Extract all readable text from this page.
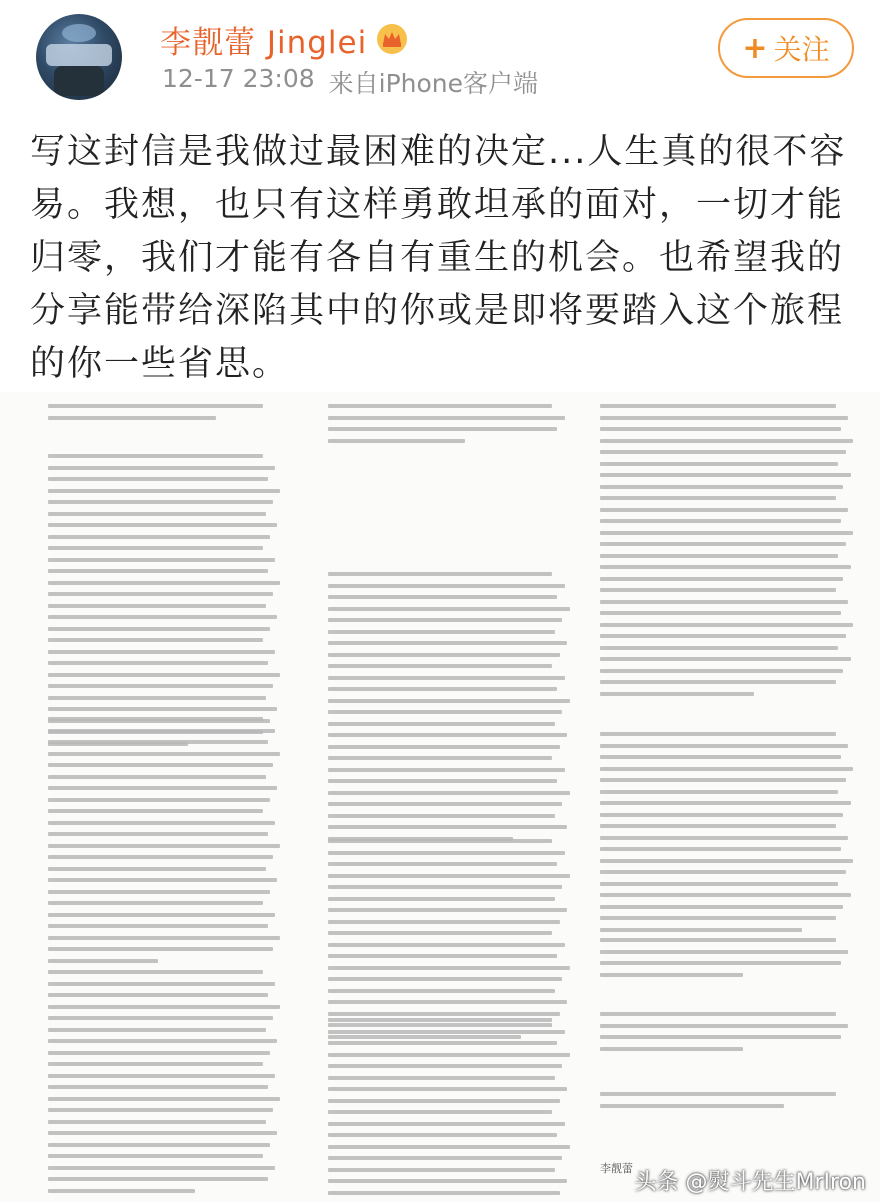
李靓蕾 Jinglei
12-17 23:08 来自iPhone客户端
+ 关注
写这封信是我做过最困难的决定...人生真的很不容易。我想，也只有这样勇敢坦承的面对，一切才能归零，我们才能有各自有重生的机会。也希望我的分享能带给深陷其中的你或是即将要踏入这个旅程的你一些省思。
李靓蕾
头条 @熨斗先生MrIron
